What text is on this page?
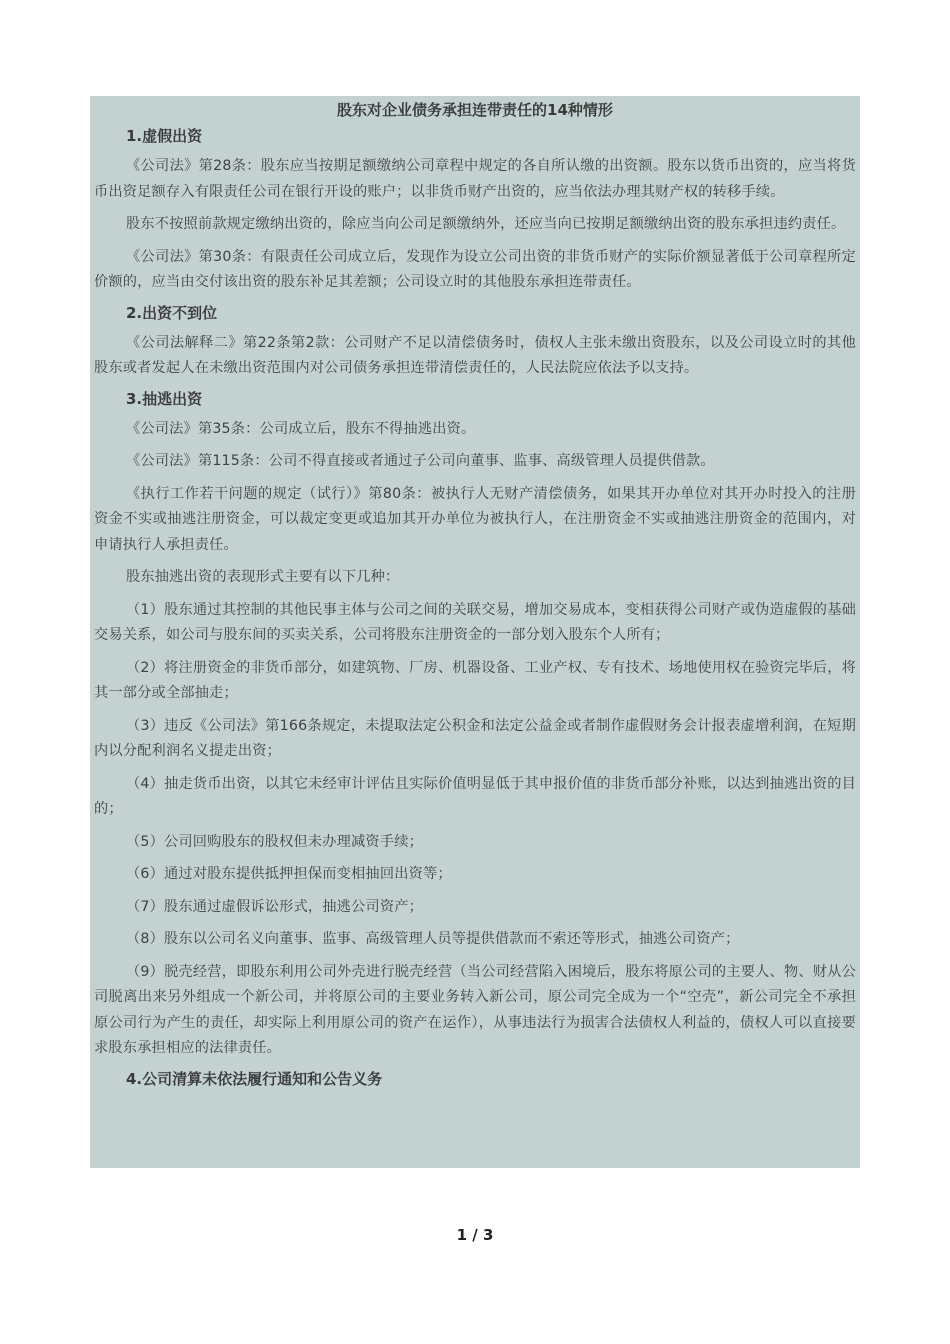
股东对企业债务承担连带责任的14种情形
1.虚假出资

《公司法》第28条：股东应当按期足额缴纳公司章程中规定的各自所认缴的出资额。股东以货币出资的，应当将货币出资足额存入有限责任公司在银行开设的账户；以非货币财产出资的，应当依法办理其财产权的转移手续。

股东不按照前款规定缴纳出资的，除应当向公司足额缴纳外，还应当向已按期足额缴纳出资的股东承担违约责任。

《公司法》第30条：有限责任公司成立后，发现作为设立公司出资的非货币财产的实际价额显著低于公司章程所定价额的，应当由交付该出资的股东补足其差额；公司设立时的其他股东承担连带责任。

2.出资不到位

《公司法解释二》第22条第2款：公司财产不足以清偿债务时，债权人主张未缴出资股东，以及公司设立时的其他股东或者发起人在未缴出资范围内对公司债务承担连带清偿责任的，人民法院应依法予以支持。

3.抽逃出资

《公司法》第35条：公司成立后，股东不得抽逃出资。

《公司法》第115条：公司不得直接或者通过子公司向董事、监事、高级管理人员提供借款。

《执行工作若干问题的规定（试行）》第80条：被执行人无财产清偿债务，如果其开办单位对其开办时投入的注册资金不实或抽逃注册资金，可以裁定变更或追加其开办单位为被执行人，在注册资金不实或抽逃注册资金的范围内，对申请执行人承担责任。

股东抽逃出资的表现形式主要有以下几种：

（1）股东通过其控制的其他民事主体与公司之间的关联交易，增加交易成本，变相获得公司财产或伪造虚假的基础交易关系，如公司与股东间的买卖关系，公司将股东注册资金的一部分划入股东个人所有；

（2）将注册资金的非货币部分，如建筑物、厂房、机器设备、工业产权、专有技术、场地使用权在验资完毕后，将其一部分或全部抽走；

（3）违反《公司法》第166条规定，未提取法定公积金和法定公益金或者制作虚假财务会计报表虚增利润，在短期内以分配利润名义提走出资；

（4）抽走货币出资，以其它未经审计评估且实际价值明显低于其申报价值的非货币部分补账，以达到抽逃出资的目的；

（5）公司回购股东的股权但未办理减资手续；

（6）通过对股东提供抵押担保而变相抽回出资等；

（7）股东通过虚假诉讼形式，抽逃公司资产；

（8）股东以公司名义向董事、监事、高级管理人员等提供借款而不索还等形式，抽逃公司资产；

（9）脱壳经营，即股东利用公司外壳进行脱壳经营（当公司经营陷入困境后，股东将原公司的主要人、物、财从公司脱离出来另外组成一个新公司，并将原公司的主要业务转入新公司，原公司完全成为一个“空壳”，新公司完全不承担原公司行为产生的责任，却实际上利用原公司的资产在运作），从事违法行为损害合法债权人利益的，债权人可以直接要求股东承担相应的法律责任。

4.公司清算未依法履行通知和公告义务
1 / 3
